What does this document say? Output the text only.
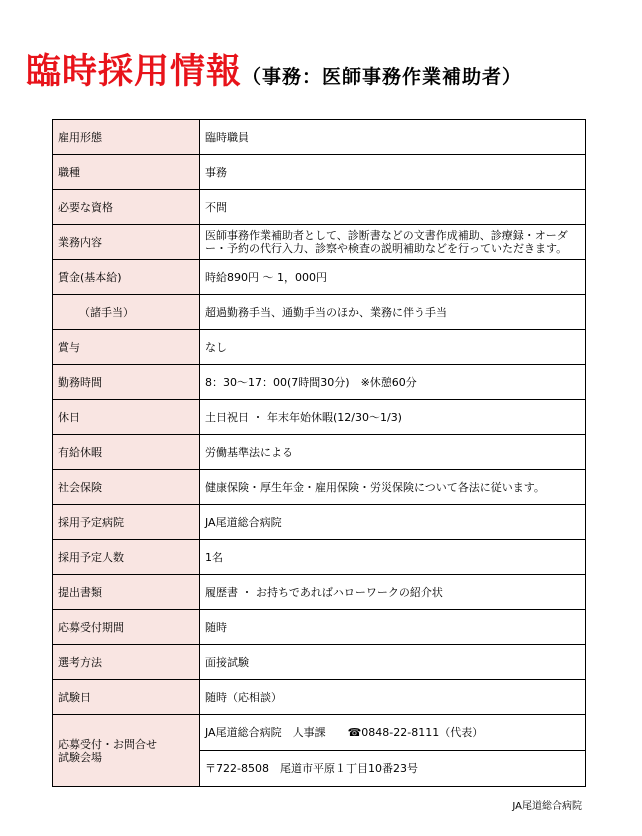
臨時採用情報（事務：医師事務作業補助者）
雇用形態	臨時職員
職種	事務
必要な資格	不問
業務内容	医師事務作業補助者として、診断書などの文書作成補助、診療録・オーダー・予約の代行入力、診察や検査の説明補助などを行っていただきます。
賃金(基本給)	時給890円 ～ 1，000円
（諸手当）	超過勤務手当、通勤手当のほか、業務に伴う手当
賞与	なし
勤務時間	8：30～17：00(7時間30分)　※休憩60分
休日	土日祝日 ・ 年末年始休暇(12/30～1/3)
有給休暇	労働基準法による
社会保険	健康保険・厚生年金・雇用保険・労災保険について各法に従います。
採用予定病院	JA尾道総合病院
採用予定人数	1名
提出書類	履歴書 ・ お持ちであればハローワークの紹介状
応募受付期間	随時
選考方法	面接試験
試験日	随時（応相談）
応募受付・お問合せ
試験会場	JA尾道総合病院　人事課　　☎0848-22-8111（代表）
	〒722-8508　尾道市平原１丁目10番23号
JA尾道総合病院
